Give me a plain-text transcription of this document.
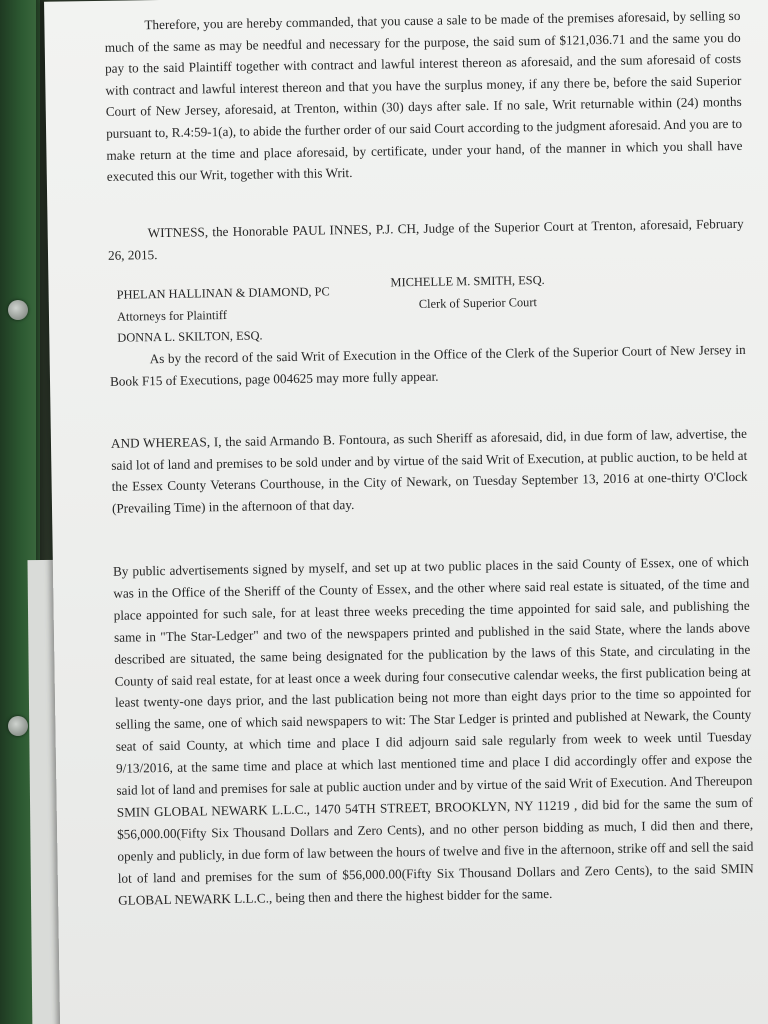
Therefore, you are hereby commanded, that you cause a sale to be made of the premises aforesaid, by selling so much of the same as may be needful and necessary for the purpose, the said sum of $121,036.71 and the same you do pay to the said Plaintiff together with contract and lawful interest thereon as aforesaid, and the sum aforesaid of costs with contract and lawful interest thereon and that you have the surplus money, if any there be, before the said Superior Court of New Jersey, aforesaid, at Trenton, within (30) days after sale. If no sale, Writ returnable within (24) months pursuant to, R.4:59-1(a), to abide the further order of our said Court according to the judgment aforesaid. And you are to make return at the time and place aforesaid, by certificate, under your hand, of the manner in which you shall have executed this our Writ, together with this Writ.

WITNESS, the Honorable PAUL INNES, P.J. CH, Judge of the Superior Court at Trenton, aforesaid, February 26, 2015.

PHELAN HALLINAN & DIAMOND, PC
Attorneys for Plaintiff
DONNA L. SKILTON, ESQ.
MICHELLE M. SMITH, ESQ.
Clerk of Superior Court

As by the record of the said Writ of Execution in the Office of the Clerk of the Superior Court of New Jersey in Book F15 of Executions, page 004625 may more fully appear.

AND WHEREAS, I, the said Armando B. Fontoura, as such Sheriff as aforesaid, did, in due form of law, advertise, the said lot of land and premises to be sold under and by virtue of the said Writ of Execution, at public auction, to be held at the Essex County Veterans Courthouse, in the City of Newark, on Tuesday September 13, 2016 at one-thirty O'Clock (Prevailing Time) in the afternoon of that day.

By public advertisements signed by myself, and set up at two public places in the said County of Essex, one of which was in the Office of the Sheriff of the County of Essex, and the other where said real estate is situated, of the time and place appointed for such sale, for at least three weeks preceding the time appointed for said sale, and publishing the same in "The Star-Ledger" and two of the newspapers printed and published in the said State, where the lands above described are situated, the same being designated for the publication by the laws of this State, and circulating in the County of said real estate, for at least once a week during four consecutive calendar weeks, the first publication being at least twenty-one days prior, and the last publication being not more than eight days prior to the time so appointed for selling the same, one of which said newspapers to wit: The Star Ledger is printed and published at Newark, the County seat of said County, at which time and place I did adjourn said sale regularly from week to week until Tuesday 9/13/2016, at the same time and place at which last mentioned time and place I did accordingly offer and expose the said lot of land and premises for sale at public auction under and by virtue of the said Writ of Execution. And Thereupon SMIN GLOBAL NEWARK L.L.C., 1470 54TH STREET, BROOKLYN, NY 11219 , did bid for the same the sum of $56,000.00(Fifty Six Thousand Dollars and Zero Cents), and no other person bidding as much, I did then and there, openly and publicly, in due form of law between the hours of twelve and five in the afternoon, strike off and sell the said lot of land and premises for the sum of $56,000.00(Fifty Six Thousand Dollars and Zero Cents), to the said SMIN GLOBAL NEWARK L.L.C., being then and there the highest bidder for the same.
